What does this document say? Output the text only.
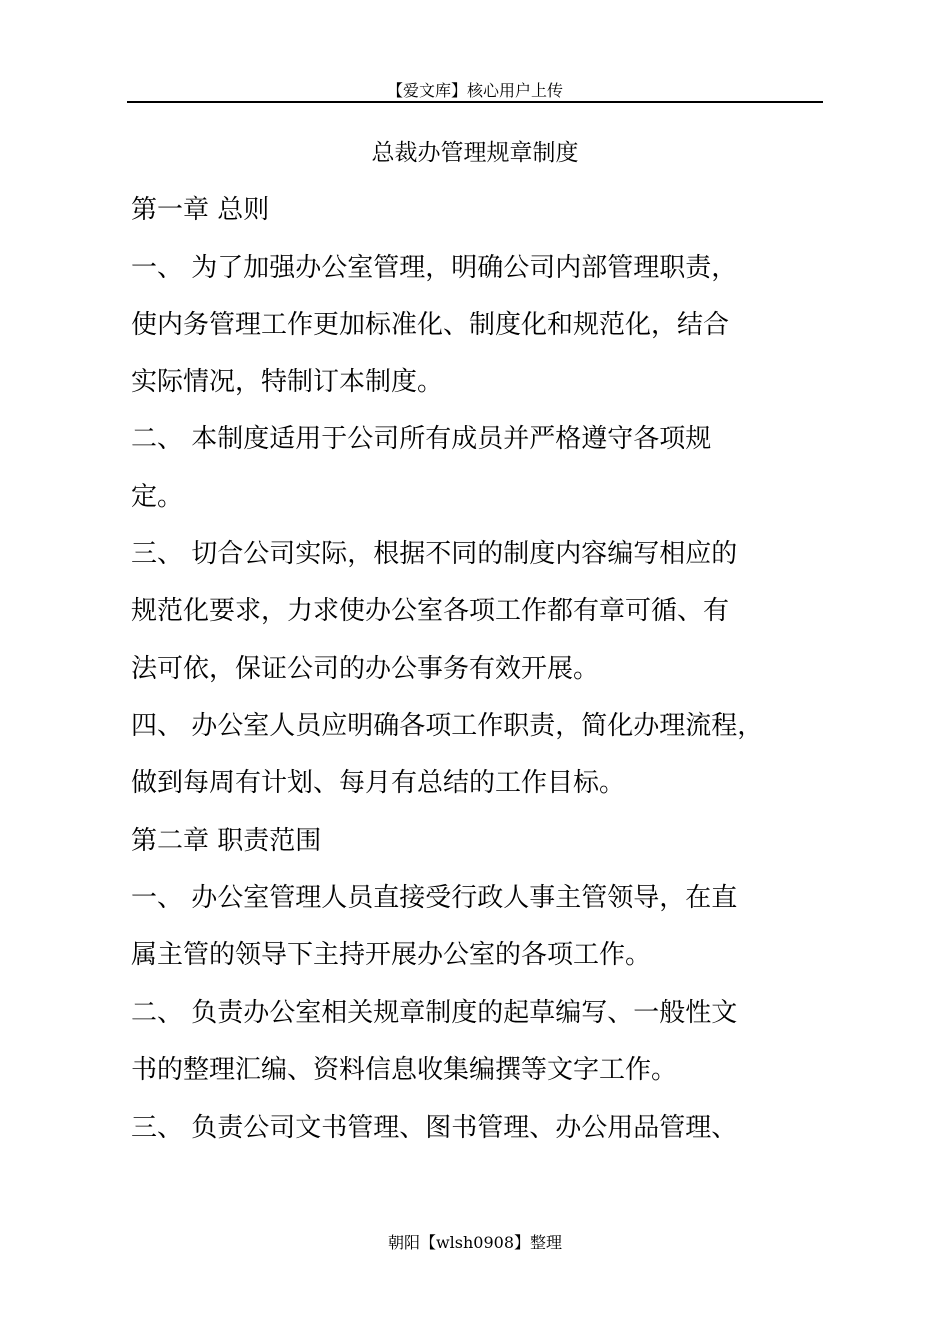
【爱文库】核心用户上传
总裁办管理规章制度
第一章 总则
一、 为了加强办公室管理，明确公司内部管理职责，
使内务管理工作更加标准化、制度化和规范化，结合
实际情况，特制订本制度。
二、 本制度适用于公司所有成员并严格遵守各项规
定。
三、 切合公司实际，根据不同的制度内容编写相应的
规范化要求，力求使办公室各项工作都有章可循、有
法可依，保证公司的办公事务有效开展。
四、 办公室人员应明确各项工作职责，简化办理流程，
做到每周有计划、每月有总结的工作目标。
第二章 职责范围
一、 办公室管理人员直接受行政人事主管领导，在直
属主管的领导下主持开展办公室的各项工作。
二、 负责办公室相关规章制度的起草编写、一般性文
书的整理汇编、资料信息收集编撰等文字工作。
三、 负责公司文书管理、图书管理、办公用品管理、
朝阳【wlsh0908】整理
